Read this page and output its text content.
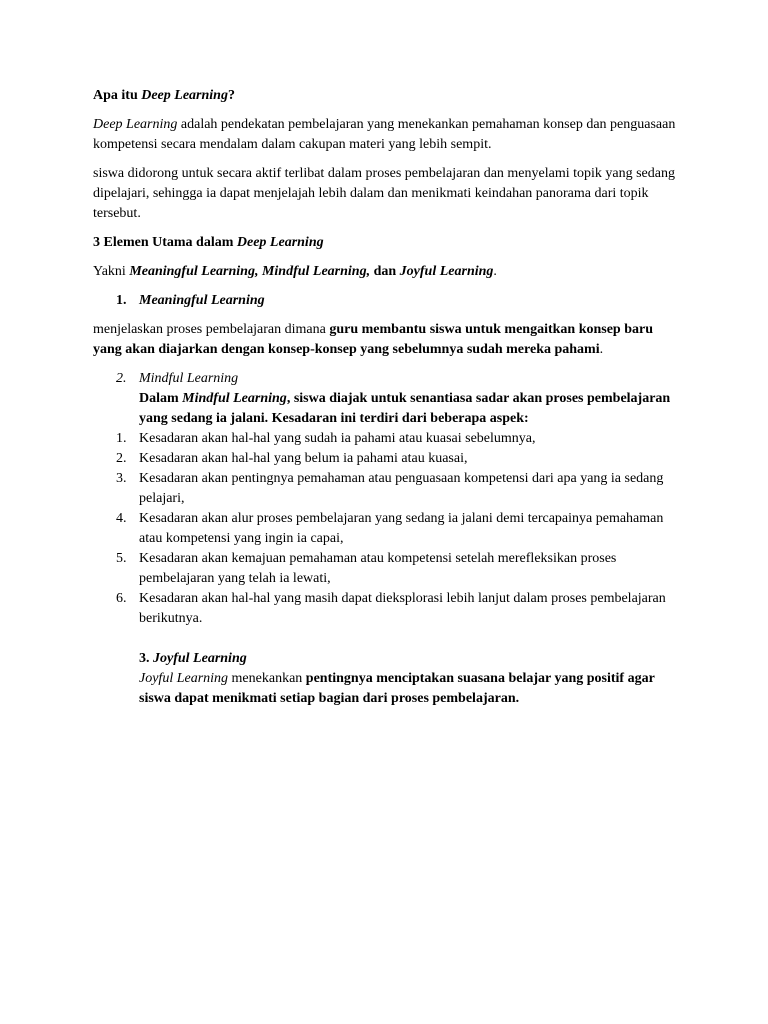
Apa itu Deep Learning?

Deep Learning adalah pendekatan pembelajaran yang menekankan pemahaman konsep dan penguasaan kompetensi secara mendalam dalam cakupan materi yang lebih sempit.

siswa didorong untuk secara aktif terlibat dalam proses pembelajaran dan menyelami topik yang sedang dipelajari, sehingga ia dapat menjelajah lebih dalam dan menikmati keindahan panorama dari topik tersebut.

3 Elemen Utama dalam Deep Learning

Yakni Meaningful Learning, Mindful Learning, dan Joyful Learning.

1. Meaningful Learning

menjelaskan proses pembelajaran dimana guru membantu siswa untuk mengaitkan konsep baru yang akan diajarkan dengan konsep-konsep yang sebelumnya sudah mereka pahami.

2. Mindful Learning

Dalam Mindful Learning, siswa diajak untuk senantiasa sadar akan proses pembelajaran yang sedang ia jalani. Kesadaran ini terdiri dari beberapa aspek:

1. Kesadaran akan hal-hal yang sudah ia pahami atau kuasai sebelumnya,
2. Kesadaran akan hal-hal yang belum ia pahami atau kuasai,
3. Kesadaran akan pentingnya pemahaman atau penguasaan kompetensi dari apa yang ia sedang pelajari,
4. Kesadaran akan alur proses pembelajaran yang sedang ia jalani demi tercapainya pemahaman atau kompetensi yang ingin ia capai,
5. Kesadaran akan kemajuan pemahaman atau kompetensi setelah merefleksikan proses pembelajaran yang telah ia lewati,
6. Kesadaran akan hal-hal yang masih dapat dieksplorasi lebih lanjut dalam proses pembelajaran berikutnya.

3. Joyful Learning

Joyful Learning menekankan pentingnya menciptakan suasana belajar yang positif agar siswa dapat menikmati setiap bagian dari proses pembelajaran.
